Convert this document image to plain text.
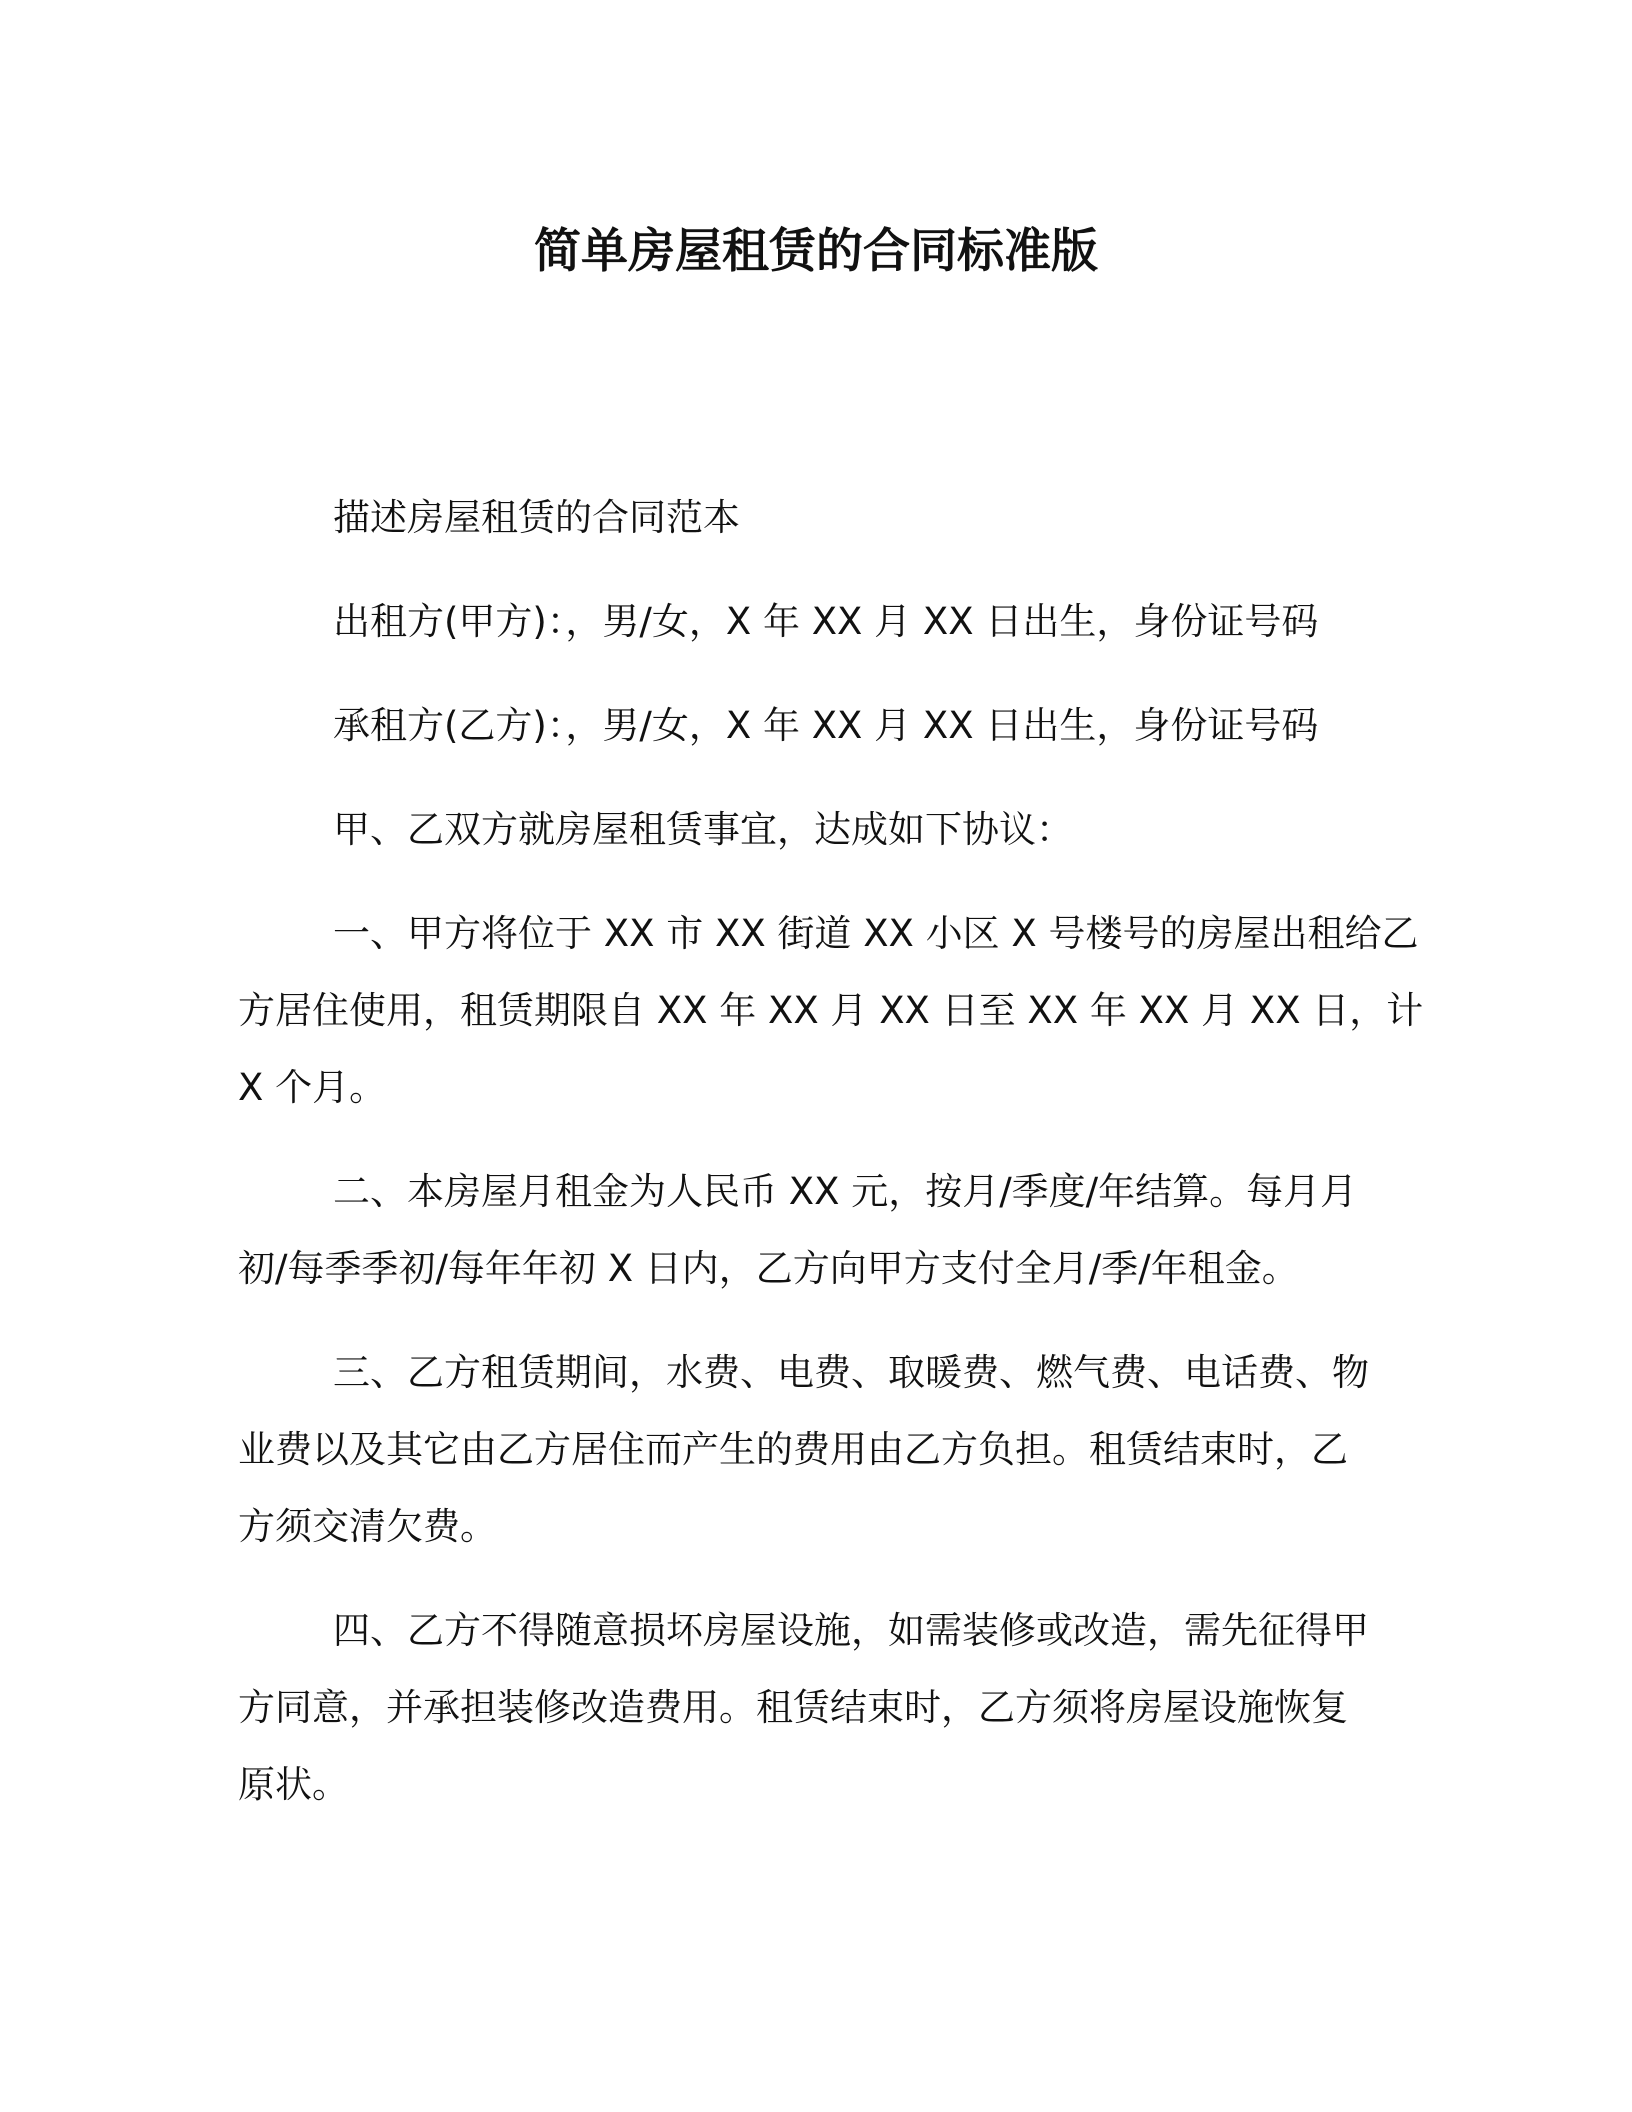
简单房屋租赁的合同标准版

描述房屋租赁的合同范本

出租方(甲方)：，男/女，X 年 XX 月 XX 日出生，身份证号码

承租方(乙方)：，男/女，X 年 XX 月 XX 日出生，身份证号码

甲、乙双方就房屋租赁事宜，达成如下协议：

一、甲方将位于 XX 市 XX 街道 XX 小区 X 号楼号的房屋出租给乙

方居住使用，租赁期限自 XX 年 XX 月 XX 日至 XX 年 XX 月 XX 日，计

X 个月。

二、本房屋月租金为人民币 XX 元，按月/季度/年结算。每月月

初/每季季初/每年年初 X 日内，乙方向甲方支付全月/季/年租金。

三、乙方租赁期间，水费、电费、取暖费、燃气费、电话费、物

业费以及其它由乙方居住而产生的费用由乙方负担。租赁结束时，乙

方须交清欠费。

四、乙方不得随意损坏房屋设施，如需装修或改造，需先征得甲

方同意，并承担装修改造费用。租赁结束时，乙方须将房屋设施恢复

原状。
